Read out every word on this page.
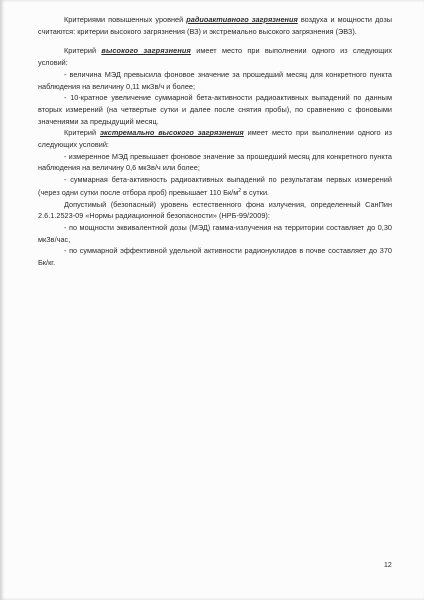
Критериями повышенных уровней радиоактивного загрязнения воздуха и мощности дозы считаются: критерии высокого загрязнения (ВЗ) и экстремально высокого загрязнения (ЭВЗ).

Критерий высокого загрязнения имеет место при выполнении одного из следующих условий:

- величина МЭД превысила фоновое значение за прошедший месяц для конкретного пункта наблюдения на величину 0,11 мкЗв/ч и более;

- 10-кратное увеличение суммарной бета-активности радиоактивных выпадений по данным вторых измерений (на четвертые сутки и далее после снятия пробы), по сравнению с фоновыми значениями за предыдущий месяц.

Критерий экстремально высокого загрязнения имеет место при выполнении одного из следующих условий:

- измеренное МЭД превышает фоновое значение за прошедший месяц для конкретного пункта наблюдения на величину 0,6 мкЗв/ч или более;

- суммарная бета-активность радиоактивных выпадений по результатам первых измерений (через одни сутки после отбора проб) превышает 110 $Бк/м^2$ в сутки.

Допустимый (безопасный) уровень естественного фона излучения, определенный СанПин 2.6.1.2523-09 «Нормы радиационной безопасности» (НРБ-99/2009):

- по мощности эквивалентной дозы (МЭД) гамма-излучения на территории составляет до 0,30 мкЗв/час,

- по суммарной эффективной удельной активности радионуклидов в почве составляет до 370 Бк/кг.

12
